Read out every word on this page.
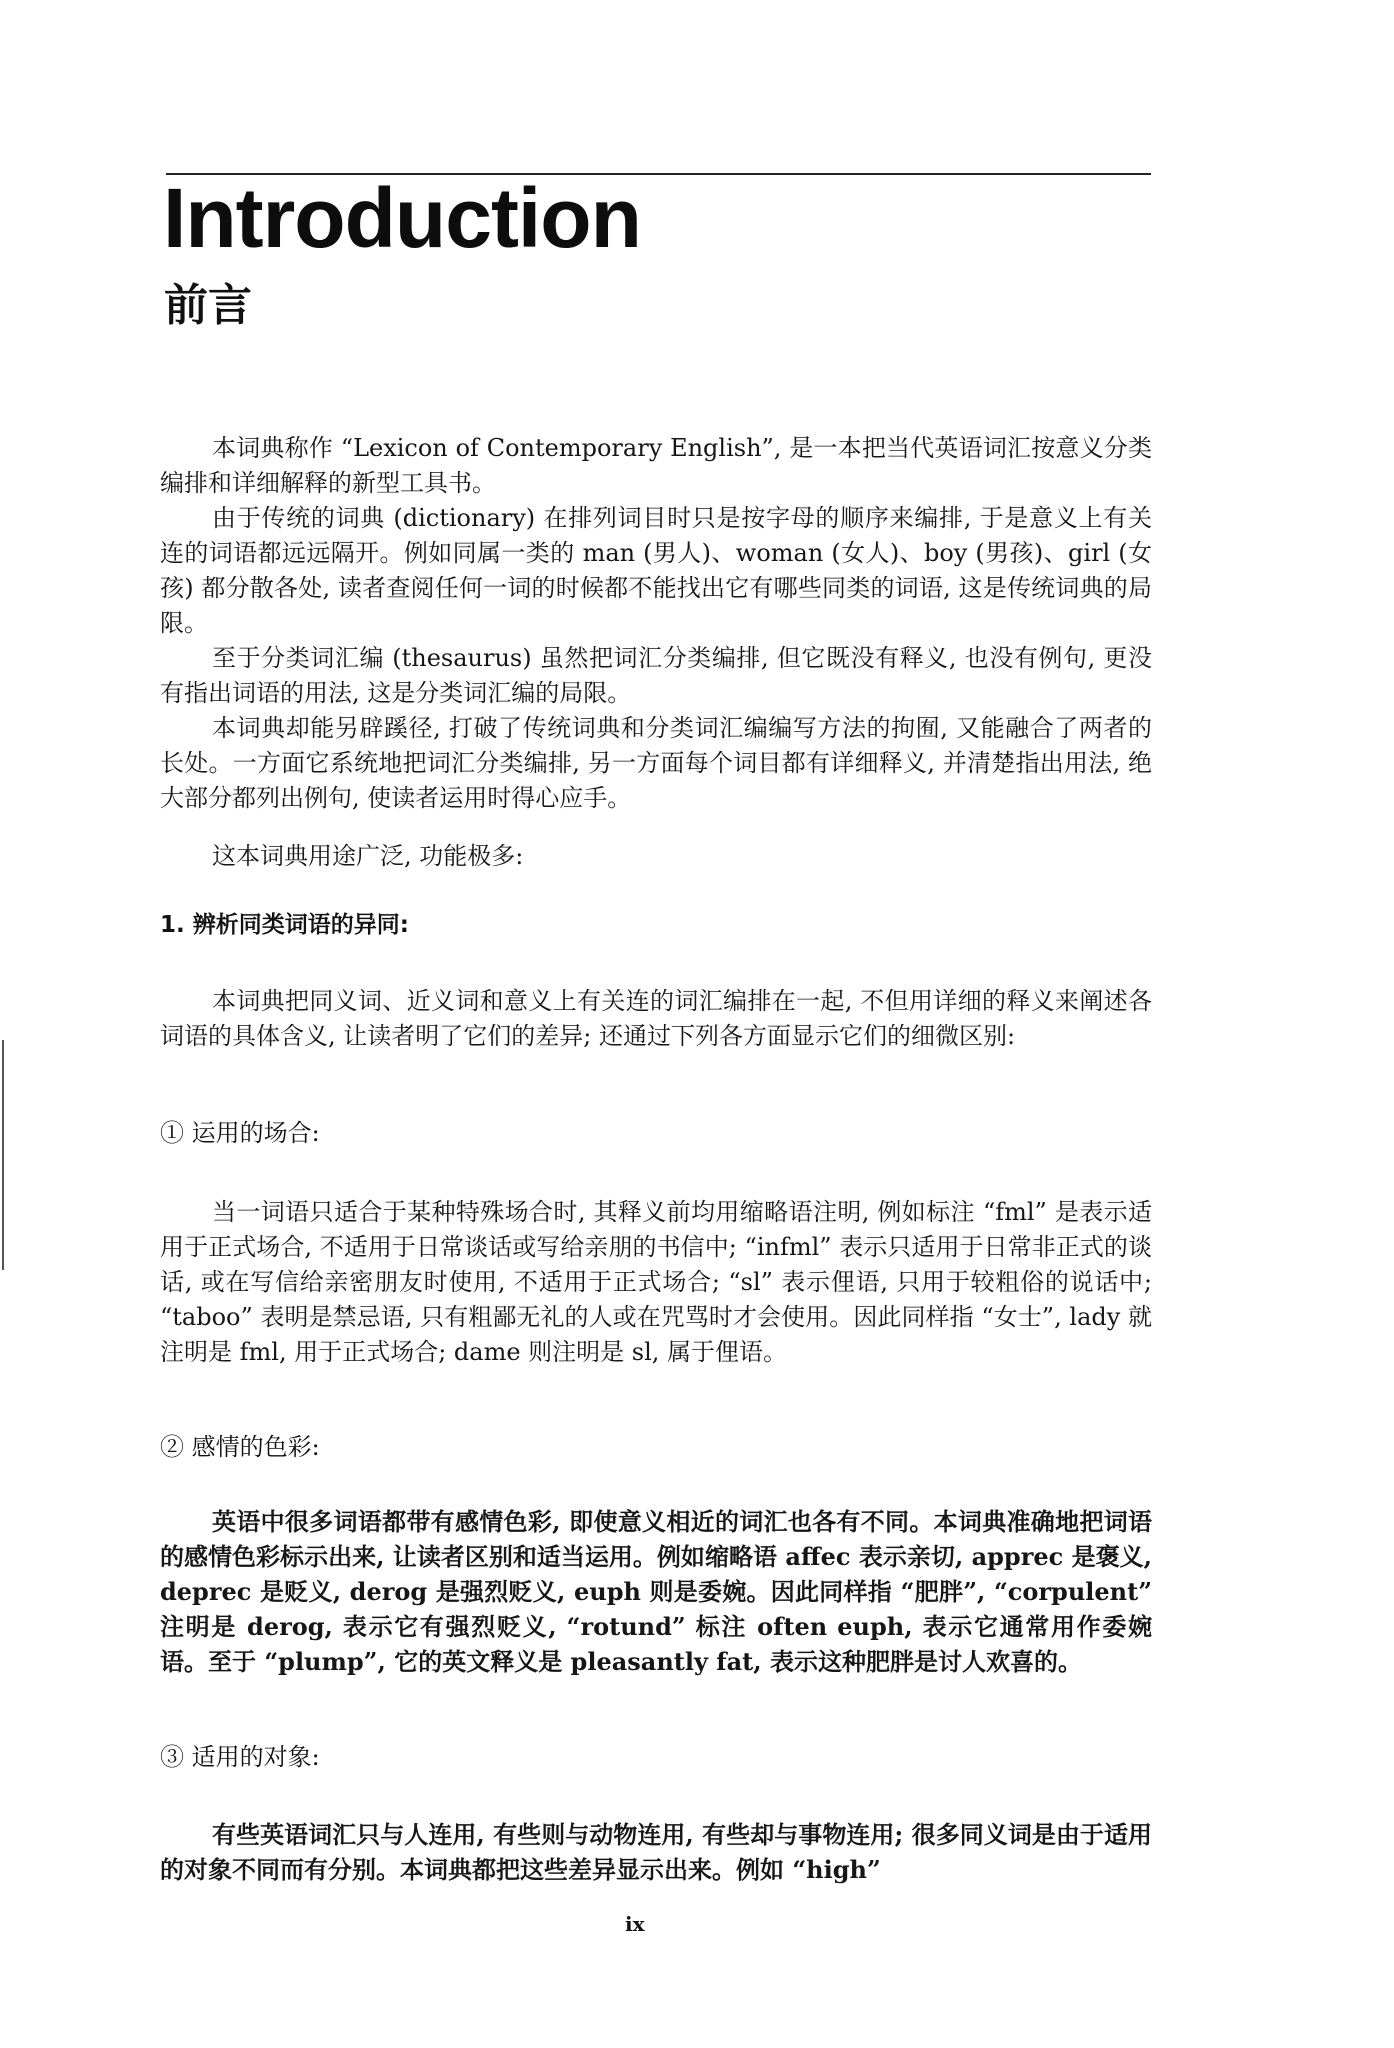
Introduction
前言

本词典称作 “Lexicon of Contemporary English”, 是一本把当代英语词汇按意义分类编排和详细解释的新型工具书。

由于传统的词典 (dictionary) 在排列词目时只是按字母的顺序来编排, 于是意义上有关连的词语都远远隔开。例如同属一类的 man (男人)、woman (女人)、boy (男孩)、girl (女孩) 都分散各处, 读者查阅任何一词的时候都不能找出它有哪些同类的词语, 这是传统词典的局限。

至于分类词汇编 (thesaurus) 虽然把词汇分类编排, 但它既没有释义, 也没有例句, 更没有指出词语的用法, 这是分类词汇编的局限。

本词典却能另辟蹊径, 打破了传统词典和分类词汇编编写方法的拘囿, 又能融合了两者的长处。一方面它系统地把词汇分类编排, 另一方面每个词目都有详细释义, 并清楚指出用法, 绝大部分都列出例句, 使读者运用时得心应手。

这本词典用途广泛, 功能极多:

1. 辨析同类词语的异同:

本词典把同义词、近义词和意义上有关连的词汇编排在一起, 不但用详细的释义来阐述各词语的具体含义, 让读者明了它们的差异; 还通过下列各方面显示它们的细微区别:

① 运用的场合:

当一词语只适合于某种特殊场合时, 其释义前均用缩略语注明, 例如标注 “fml” 是表示适用于正式场合, 不适用于日常谈话或写给亲朋的书信中; “infml” 表示只适用于日常非正式的谈话, 或在写信给亲密朋友时使用, 不适用于正式场合; “sl” 表示俚语, 只用于较粗俗的说话中; “taboo” 表明是禁忌语, 只有粗鄙无礼的人或在咒骂时才会使用。因此同样指 “女士”, lady 就注明是 fml, 用于正式场合; dame 则注明是 sl, 属于俚语。

② 感情的色彩:

英语中很多词语都带有感情色彩, 即使意义相近的词汇也各有不同。本词典准确地把词语的感情色彩标示出来, 让读者区别和适当运用。例如缩略语 affec 表示亲切, apprec 是褒义, deprec 是贬义, derog 是强烈贬义, euph 则是委婉。因此同样指 “肥胖”, “corpulent” 注明是 derog, 表示它有强烈贬义, “rotund” 标注 often euph, 表示它通常用作委婉语。至于 “plump”, 它的英文释义是 pleasantly fat, 表示这种肥胖是讨人欢喜的。

③ 适用的对象:

有些英语词汇只与人连用, 有些则与动物连用, 有些却与事物连用; 很多同义词是由于适用的对象不同而有分别。本词典都把这些差异显示出来。例如 “high”

ix
